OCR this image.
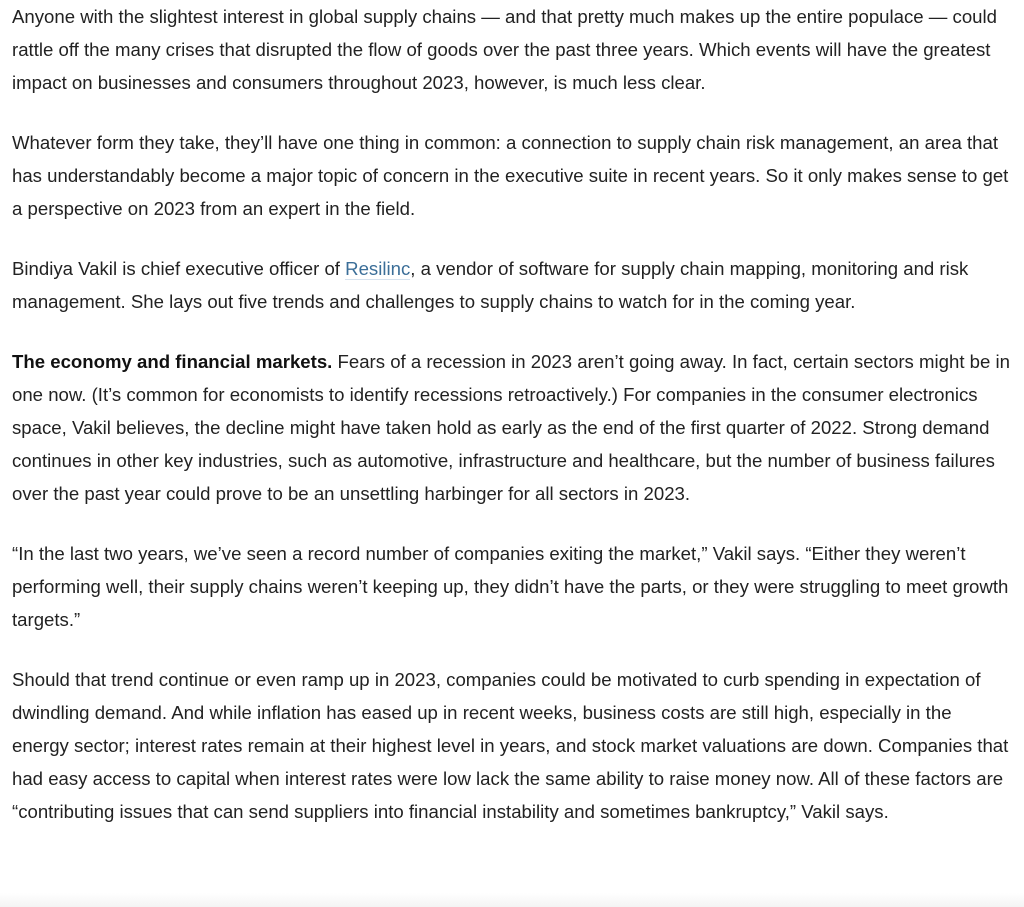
Anyone with the slightest interest in global supply chains — and that pretty much makes up the entire populace — could rattle off the many crises that disrupted the flow of goods over the past three years. Which events will have the greatest impact on businesses and consumers throughout 2023, however, is much less clear.

Whatever form they take, they’ll have one thing in common: a connection to supply chain risk management, an area that has understandably become a major topic of concern in the executive suite in recent years. So it only makes sense to get a perspective on 2023 from an expert in the field.

Bindiya Vakil is chief executive officer of Resilinc, a vendor of software for supply chain mapping, monitoring and risk management. She lays out five trends and challenges to supply chains to watch for in the coming year.

The economy and financial markets. Fears of a recession in 2023 aren’t going away. In fact, certain sectors might be in one now. (It’s common for economists to identify recessions retroactively.) For companies in the consumer electronics space, Vakil believes, the decline might have taken hold as early as the end of the first quarter of 2022. Strong demand continues in other key industries, such as automotive, infrastructure and healthcare, but the number of business failures over the past year could prove to be an unsettling harbinger for all sectors in 2023.

“In the last two years, we’ve seen a record number of companies exiting the market,” Vakil says. “Either they weren’t performing well, their supply chains weren’t keeping up, they didn’t have the parts, or they were struggling to meet growth targets.”

Should that trend continue or even ramp up in 2023, companies could be motivated to curb spending in expectation of dwindling demand. And while inflation has eased up in recent weeks, business costs are still high, especially in the energy sector; interest rates remain at their highest level in years, and stock market valuations are down. Companies that had easy access to capital when interest rates were low lack the same ability to raise money now. All of these factors are “contributing issues that can send suppliers into financial instability and sometimes bankruptcy,” Vakil says.
